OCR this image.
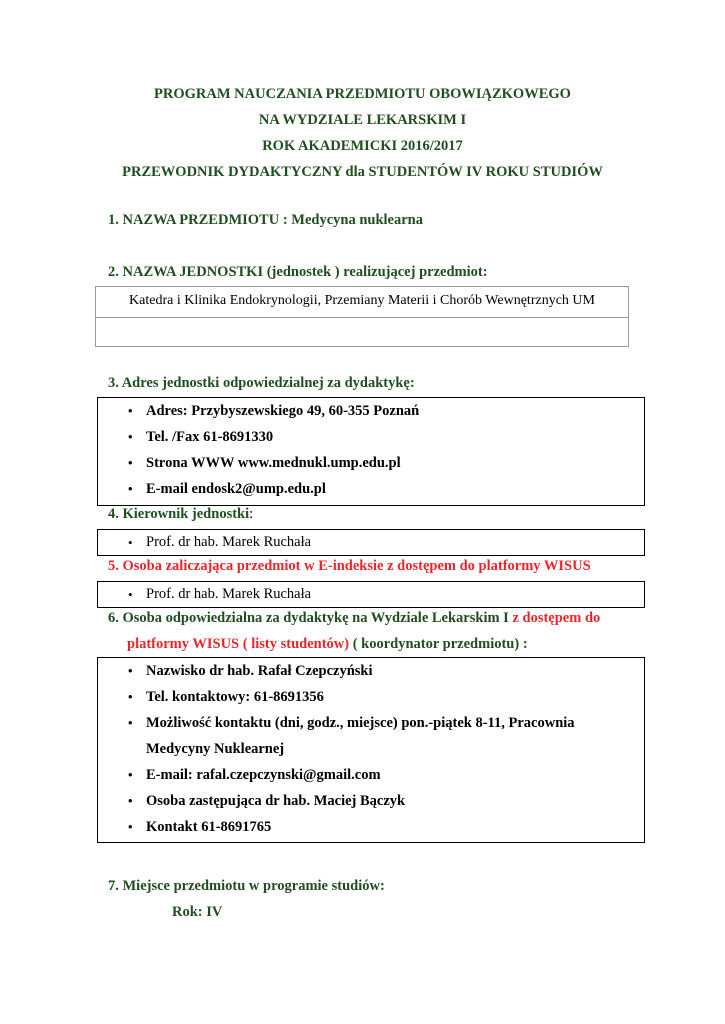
PROGRAM NAUCZANIA PRZEDMIOTU OBOWIĄZKOWEGO
NA WYDZIALE LEKARSKIM I
ROK AKADEMICKI 2016/2017
PRZEWODNIK DYDAKTYCZNY dla STUDENTÓW IV ROKU STUDIÓW
1. NAZWA PRZEDMIOTU : Medycyna nuklearna
2. NAZWA JEDNOSTKI (jednostek ) realizującej przedmiot:
Katedra i Klinika Endokrynologii, Przemiany Materii i Chorób Wewnętrznych UM
3. Adres jednostki odpowiedzialnej za dydaktykę:
• Adres: Przybyszewskiego 49, 60-355 Poznań
• Tel. /Fax 61-8691330
• Strona WWW www.mednukl.ump.edu.pl
• E-mail endosk2@ump.edu.pl
4. Kierownik jednostki:
• Prof. dr hab. Marek Ruchała
5. Osoba zaliczająca przedmiot w E-indeksie z dostępem do platformy WISUS
• Prof. dr hab. Marek Ruchała
6. Osoba odpowiedzialna za dydaktykę na Wydziale Lekarskim I z dostępem do
platformy WISUS ( listy studentów) ( koordynator przedmiotu) :
• Nazwisko dr hab. Rafał Czepczyński
• Tel. kontaktowy: 61-8691356
• Możliwość kontaktu (dni, godz., miejsce) pon.-piątek 8-11, Pracownia
Medycyny Nuklearnej
• E-mail: rafal.czepczynski@gmail.com
• Osoba zastępująca dr hab. Maciej Bączyk
• Kontakt 61-8691765
7. Miejsce przedmiotu w programie studiów:
Rok: IV
